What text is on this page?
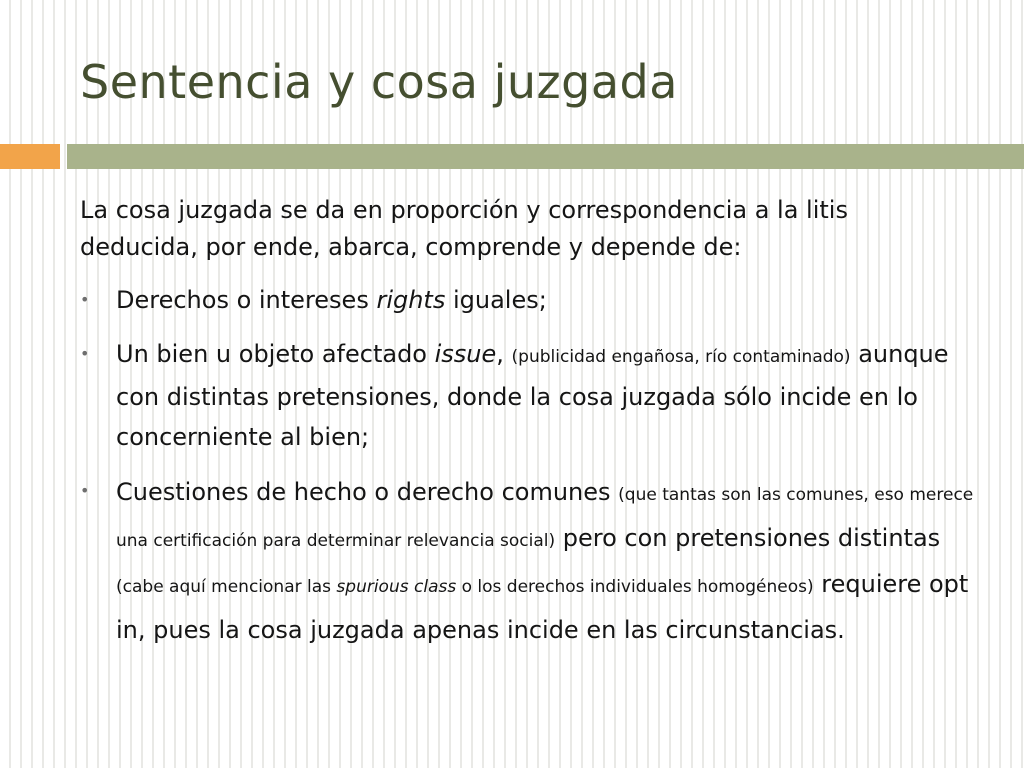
Sentencia y cosa juzgada

La cosa juzgada se da en proporción y correspondencia a la litis deducida, por ende, abarca, comprende y depende de:

• Derechos o intereses rights iguales;
• Un bien u objeto afectado issue, (publicidad engañosa, río contaminado) aunque con distintas pretensiones, donde la cosa juzgada sólo incide en lo concerniente al bien;
• Cuestiones de hecho o derecho comunes (que tantas son las comunes, eso merece una certificación para determinar relevancia social) pero con pretensiones distintas (cabe aquí mencionar las spurious class o los derechos individuales homogéneos) requiere opt in, pues la cosa juzgada apenas incide en las circunstancias.
